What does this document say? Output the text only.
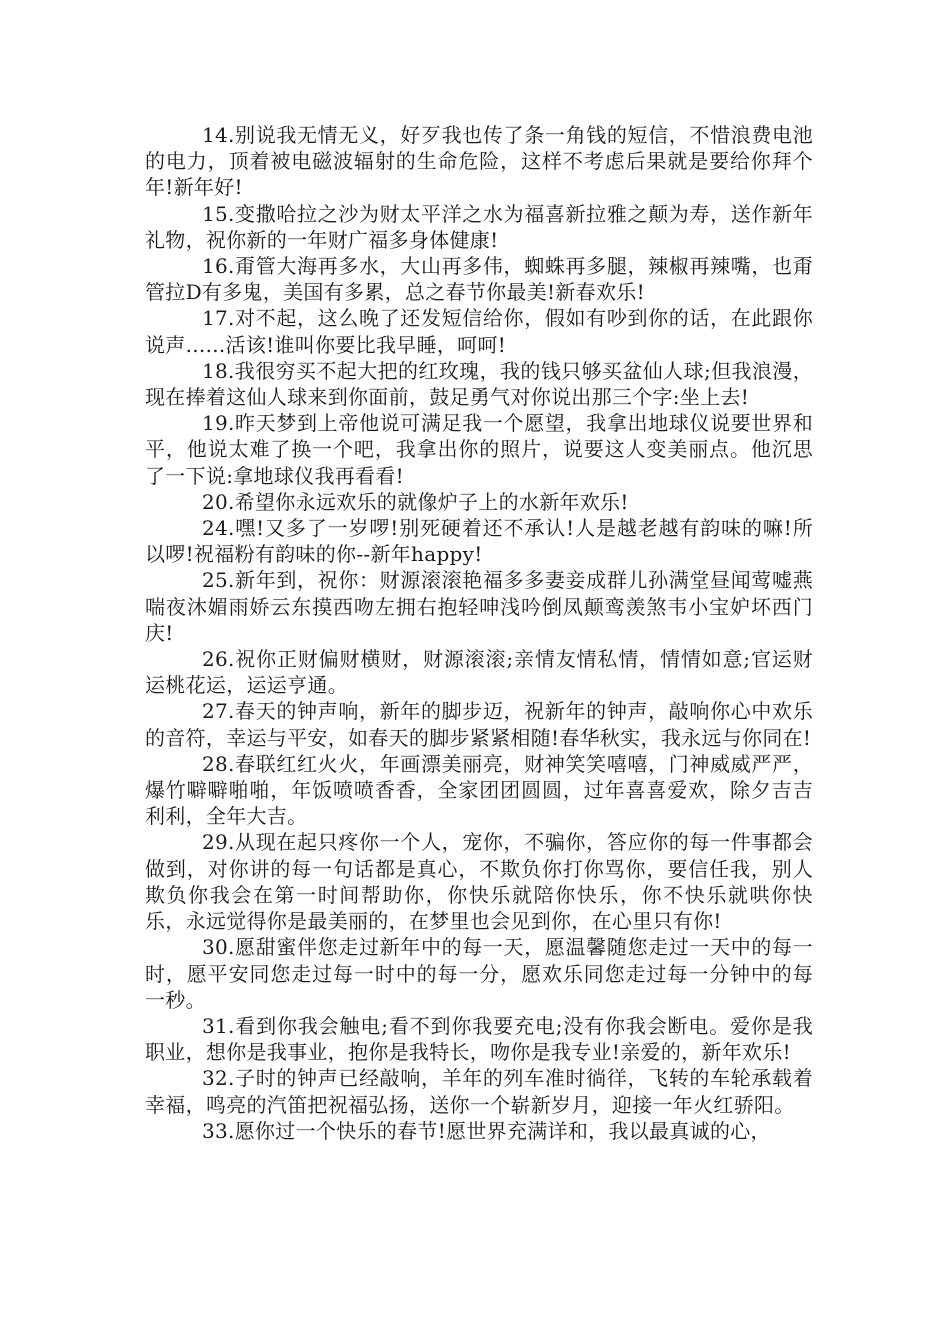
14.别说我无情无义，好歹我也传了条一角钱的短信，不惜浪费电池的电力，顶着被电磁波辐射的生命危险，这样不考虑后果就是要给你拜个年!新年好!

15.变撒哈拉之沙为财太平洋之水为福喜新拉雅之颠为寿，送作新年礼物，祝你新的一年财广福多身体健康!

16.甭管大海再多水，大山再多伟，蜘蛛再多腿，辣椒再辣嘴，也甭管拉D有多鬼，美国有多累，总之春节你最美!新春欢乐!

17.对不起，这么晚了还发短信给你，假如有吵到你的话，在此跟你说声......活该!谁叫你要比我早睡，呵呵!

18.我很穷买不起大把的红玫瑰，我的钱只够买盆仙人球;但我浪漫，现在捧着这仙人球来到你面前，鼓足勇气对你说出那三个字:坐上去!

19.昨天梦到上帝他说可满足我一个愿望，我拿出地球仪说要世界和平，他说太难了换一个吧，我拿出你的照片，说要这人变美丽点。他沉思了一下说:拿地球仪我再看看!

20.希望你永远欢乐的就像炉子上的水新年欢乐!

24.嘿!又多了一岁啰!别死硬着还不承认!人是越老越有韵味的嘛!所以啰!祝福粉有韵味的你--新年happy!

25.新年到，祝你：财源滚滚艳福多多妻妾成群儿孙满堂昼闻莺嘘燕喘夜沐媚雨娇云东摸西吻左拥右抱轻呻浅吟倒凤颠鸾羡煞韦小宝妒坏西门庆!

26.祝你正财偏财横财，财源滚滚;亲情友情私情，情情如意;官运财运桃花运，运运亨通。

27.春天的钟声响，新年的脚步迈，祝新年的钟声，敲响你心中欢乐的音符，幸运与平安，如春天的脚步紧紧相随!春华秋实，我永远与你同在!

28.春联红红火火，年画漂美丽亮，财神笑笑嘻嘻，门神威威严严，爆竹噼噼啪啪，年饭喷喷香香，全家团团圆圆，过年喜喜爱欢，除夕吉吉利利，全年大吉。

29.从现在起只疼你一个人，宠你，不骗你，答应你的每一件事都会做到，对你讲的每一句话都是真心，不欺负你打你骂你，要信任我，别人欺负你我会在第一时间帮助你，你快乐就陪你快乐，你不快乐就哄你快乐，永远觉得你是最美丽的，在梦里也会见到你，在心里只有你!

30.愿甜蜜伴您走过新年中的每一天，愿温馨随您走过一天中的每一时，愿平安同您走过每一时中的每一分，愿欢乐同您走过每一分钟中的每一秒。

31.看到你我会触电;看不到你我要充电;没有你我会断电。爱你是我职业，想你是我事业，抱你是我特长，吻你是我专业!亲爱的，新年欢乐!

32.子时的钟声已经敲响，羊年的列车准时徜徉，飞转的车轮承载着幸福，鸣亮的汽笛把祝福弘扬，送你一个崭新岁月，迎接一年火红骄阳。

33.愿你过一个快乐的春节!愿世界充满详和，我以最真诚的心，
